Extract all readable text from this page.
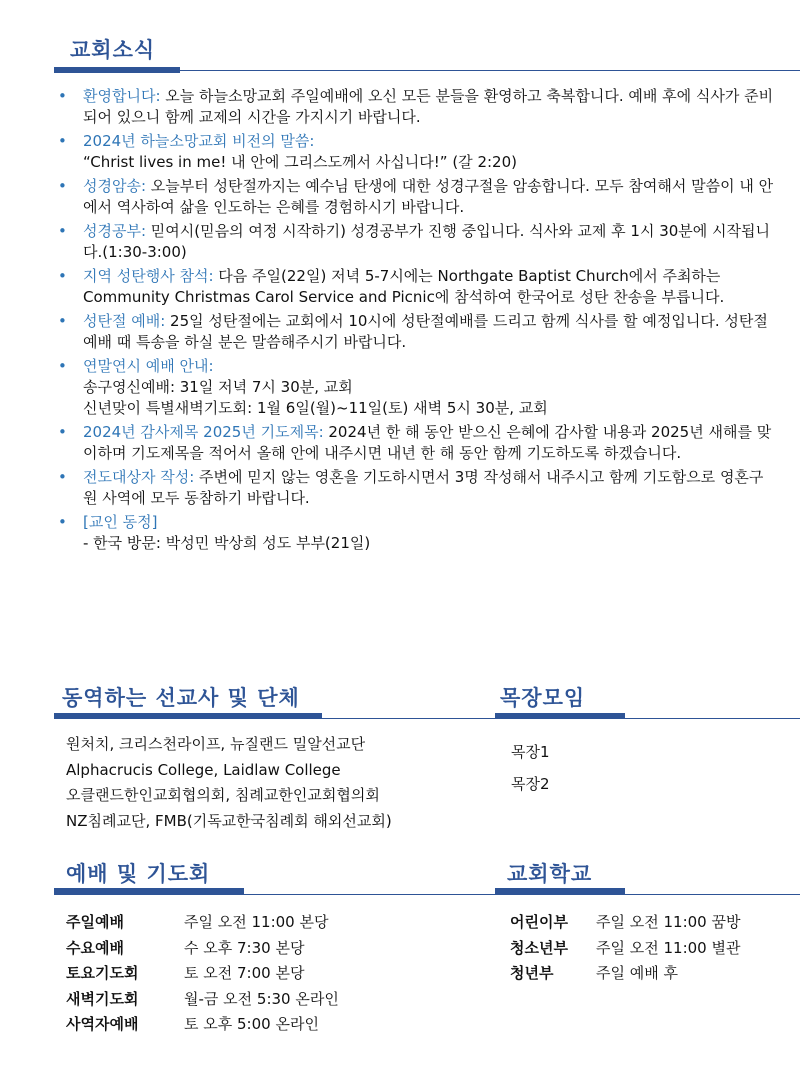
교회소식
• 환영합니다: 오늘 하늘소망교회 주일예배에 오신 모든 분들을 환영하고 축복합니다. 예배 후에 식사가 준비되어 있으니 함께 교제의 시간을 가지시기 바랍니다.
• 2024년 하늘소망교회 비전의 말씀:
“Christ lives in me! 내 안에 그리스도께서 사십니다!” (갈 2:20)
• 성경암송: 오늘부터 성탄절까지는 예수님 탄생에 대한 성경구절을 암송합니다. 모두 참여해서 말씀이 내 안에서 역사하여 삶을 인도하는 은혜를 경험하시기 바랍니다.
• 성경공부: 믿여시(믿음의 여정 시작하기) 성경공부가 진행 중입니다. 식사와 교제 후 1시 30분에 시작됩니다.(1:30-3:00)
• 지역 성탄행사 참석: 다음 주일(22일) 저녁 5-7시에는 Northgate Baptist Church에서 주최하는 Community Christmas Carol Service and Picnic에 참석하여 한국어로 성탄 찬송을 부릅니다.
• 성탄절 예배: 25일 성탄절에는 교회에서 10시에 성탄절예배를 드리고 함께 식사를 할 예정입니다. 성탄절예배 때 특송을 하실 분은 말씀해주시기 바랍니다.
• 연말연시 예배 안내:
송구영신예배: 31일 저녁 7시 30분, 교회
신년맞이 특별새벽기도회: 1월 6일(월)~11일(토) 새벽 5시 30분, 교회
• 2024년 감사제목 2025년 기도제목: 2024년 한 해 동안 받으신 은혜에 감사할 내용과 2025년 새해를 맞이하며 기도제목을 적어서 올해 안에 내주시면 내년 한 해 동안 함께 기도하도록 하겠습니다.
• 전도대상자 작성: 주변에 믿지 않는 영혼을 기도하시면서 3명 작성해서 내주시고 함께 기도함으로 영혼구원 사역에 모두 동참하기 바랍니다.
• [교인 동정]
- 한국 방문: 박성민 박상희 성도 부부(21일)
동역하는 선교사 및 단체	목장모임
원처치, 크리스천라이프, 뉴질랜드 밀알선교단
Alphacrucis College, Laidlaw College
오클랜드한인교회협의회, 침례교한인교회협의회
NZ침례교단, FMB(기독교한국침례회 해외선교회)
목장1
목장2
예배 및 기도회	교회학교
주일예배	주일 오전 11:00 본당
수요예배	수 오후 7:30 본당
토요기도회	토 오전 7:00 본당
새벽기도회	월-금 오전 5:30 온라인
사역자예배	토 오후 5:00 온라인
어린이부	주일 오전 11:00 꿈방
청소년부	주일 오전 11:00 별관
청년부	주일 예배 후
